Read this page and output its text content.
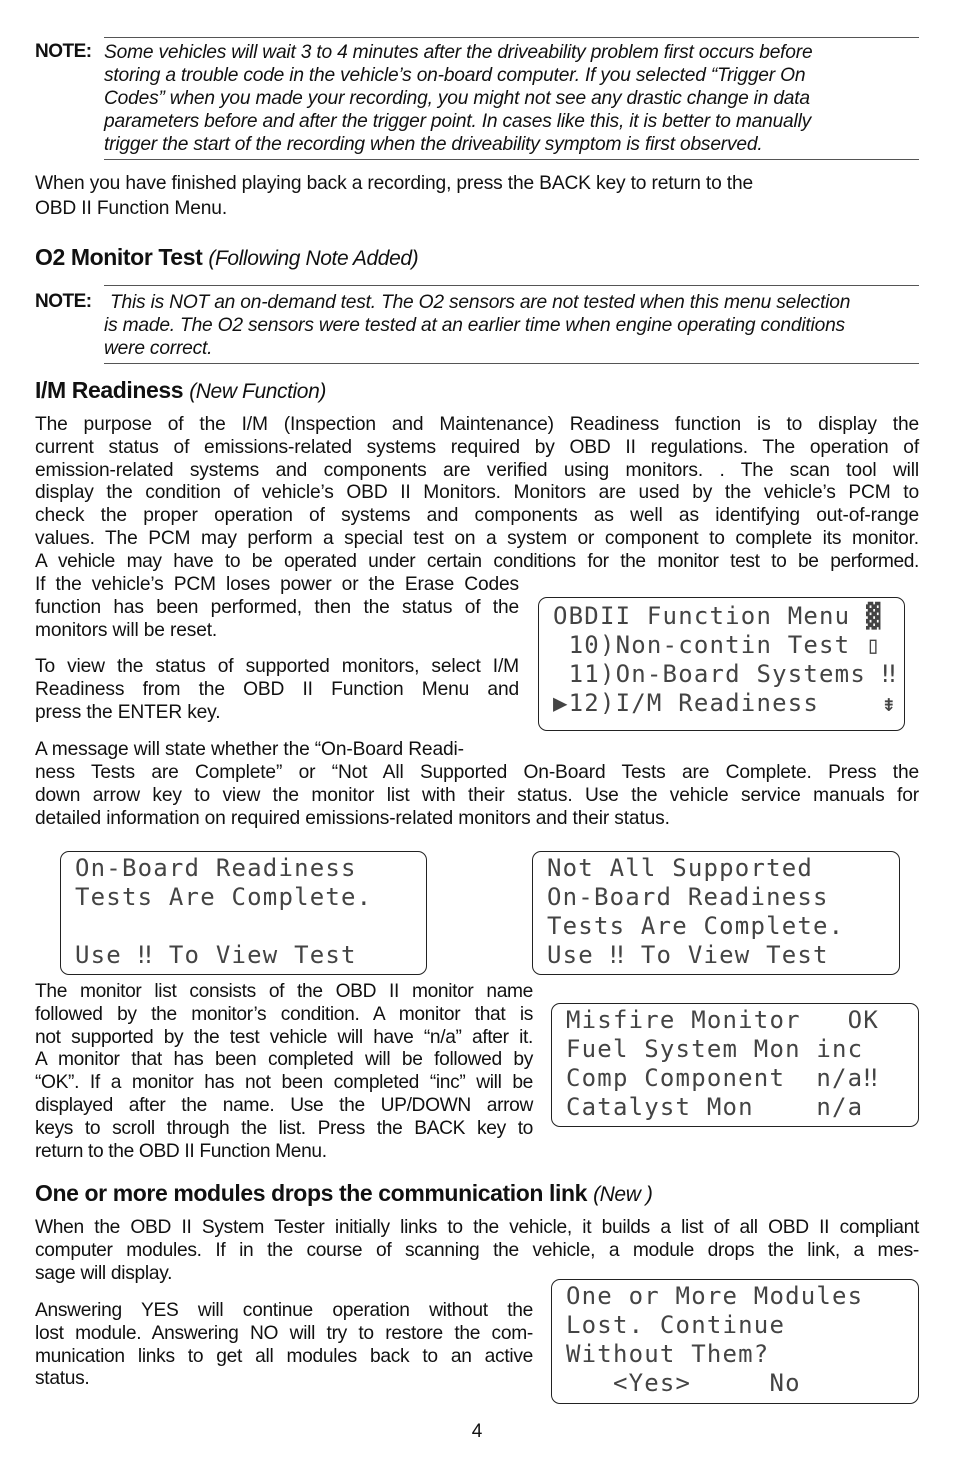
NOTE: Some vehicles will wait 3 to 4 minutes after the driveability problem first occurs before
storing a trouble code in the vehicle’s on-board computer. If you selected “Trigger On
Codes” when you made your recording, you might not see any drastic change in data
parameters before and after the trigger point. In cases like this, it is better to manually
trigger the start of the recording when the driveability symptom is first observed.
When you have finished playing back a recording, press the BACK key to return to the
OBD II Function Menu.
O2 Monitor Test (Following Note Added)
NOTE: This is NOT an on-demand test. The O2 sensors are not tested when this menu selection
is made. The O2 sensors were tested at an earlier time when engine operating conditions
were correct.
I/M Readiness (New Function)
The purpose of the I/M (Inspection and Maintenance) Readiness function is to display the
current status of emissions-related systems required by OBD II regulations. The operation of
emission-related systems and components are verified using monitors. . The scan tool will
display the condition of vehicle’s OBD II Monitors. Monitors are used by the vehicle’s PCM to
check the proper operation of systems and components as well as identifying out-of-range
values. The PCM may perform a special test on a system or component to complete its monitor.
A vehicle may have to be operated under certain conditions for the monitor test to be performed.
If the vehicle’s PCM loses power or the Erase Codes
function has been performed, then the status of the
monitors will be reset.
To view the status of supported monitors, select I/M
Readiness from the OBD II Function Menu and
press the ENTER key.
OBDII Function Menu ▓
10)Non-contin Test ▯
11)On-Board Systems ‼
▶12)I/M Readiness    ⇟
A message will state whether the “On-Board Readi-
ness Tests are Complete” or “Not All Supported On-Board Tests are Complete. Press the
down arrow key to view the monitor list with their status. Use the vehicle service manuals for
detailed information on required emissions-related monitors and their status.
On-Board Readiness
Tests Are Complete.
Use ‼ To View Test
Not All Supported
On-Board Readiness
Tests Are Complete.
Use ‼ To View Test
The monitor list consists of the OBD II monitor name
followed by the monitor’s condition. A monitor that is
not supported by the test vehicle will have “n/a” after it.
A monitor that has been completed will be followed by
“OK”. If a monitor has not been completed “inc” will be
displayed after the name. Use the UP/DOWN arrow
keys to scroll through the list. Press the BACK key to
return to the OBD II Function Menu.
Misfire Monitor   OK
Fuel System Mon inc
Comp Component  n/a‼
Catalyst Mon    n/a
One or more modules drops the communication link (New )
When the OBD II System Tester initially links to the vehicle, it builds a list of all OBD II compliant
computer modules. If in the course of scanning the vehicle, a module drops the link, a mes-
sage will display.
Answering YES will continue operation without the
lost module. Answering NO will try to restore the com-
munication links to get all modules back to an active
status.
One or More Modules
Lost. Continue
Without Them?
<Yes>     No
4
